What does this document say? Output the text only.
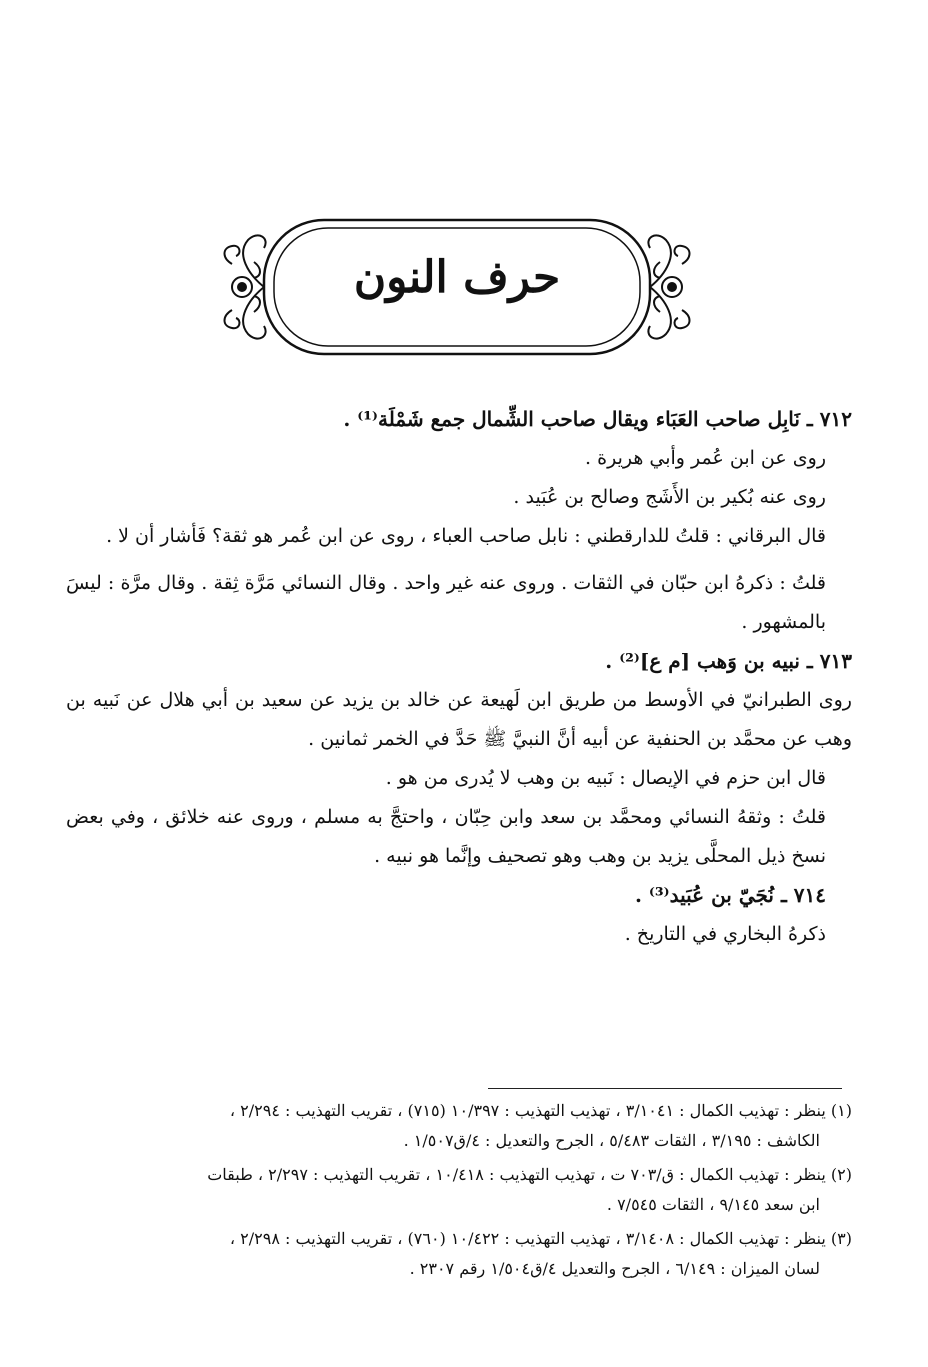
حرف النون

٧١٢ ـ نَابِل صاحب العَبَاء ويقال صاحب الشِّمال جمع شَمْلَة⁽¹⁾ .

روى عن ابن عُمر وأبي هريرة .

روى عنه بُكير بن الأَشَج وصالح بن عُبَيد .

قال البرقاني : قلتُ للدارقطني : نابل صاحب العباء ، روى عن ابن عُمر هو ثقة؟ فَأشار أن لا .

قلتُ : ذكرهُ ابن حبّان في الثقات . وروى عنه غير واحد . وقال النسائي مَرَّة ثِقة . وقال مرَّة : ليسَ بالمشهور .

٧١٣ ـ نبيه بن وَهب [م ع]⁽²⁾ .

روى الطبرانيّ في الأوسط من طريق ابن لَهيعة عن خالد بن يزيد عن سعيد بن أبي هلال عن نَبيه بن وهب عن محمَّد بن الحنفية عن أبيه أنَّ النبيَّ ﷺ حَدَّ في الخمر ثمانين .

قال ابن حزم في الإيصال : نَبيه بن وهب لا يُدرى من هو .

قلتُ : وثقهُ النسائي ومحمَّد بن سعد وابن حِبّان ، واحتجَّ به مسلم ، وروى عنه خلائق ، وفي بعض نسخ ذيل المحلَّى يزيد بن وهب وهو تصحيف وإنَّما هو نبيه .

٧١٤ ـ نُجَيّ بن عُبَيد⁽³⁾ .

ذكرهُ البخاري في التاريخ .

(١) ينظر : تهذيب الكمال : ٣/١٠٤١ ، تهذيب التهذيب : ١٠/٣٩٧ (٧١٥) ، تقريب التهذيب : ٢/٢٩٤ ،
الكاشف : ٣/١٩٥ ، الثقات ٥/٤٨٣ ، الجرح والتعديل : ٤/ق١/٥٠٧ .
(٢) ينظر : تهذيب الكمال : ق/٧٠٣ ت ، تهذيب التهذيب : ١٠/٤١٨ ، تقريب التهذيب : ٢/٢٩٧ ، طبقات
ابن سعد ٩/١٤٥ ، الثقات ٧/٥٤٥ .
(٣) ينظر : تهذيب الكمال : ٣/١٤٠٨ ، تهذيب التهذيب : ١٠/٤٢٢ (٧٦٠) ، تقريب التهذيب : ٢/٢٩٨ ،
لسان الميزان : ٦/١٤٩ ، الجرح والتعديل ٤/ق١/٥٠٤ رقم ٢٣٠٧ .
